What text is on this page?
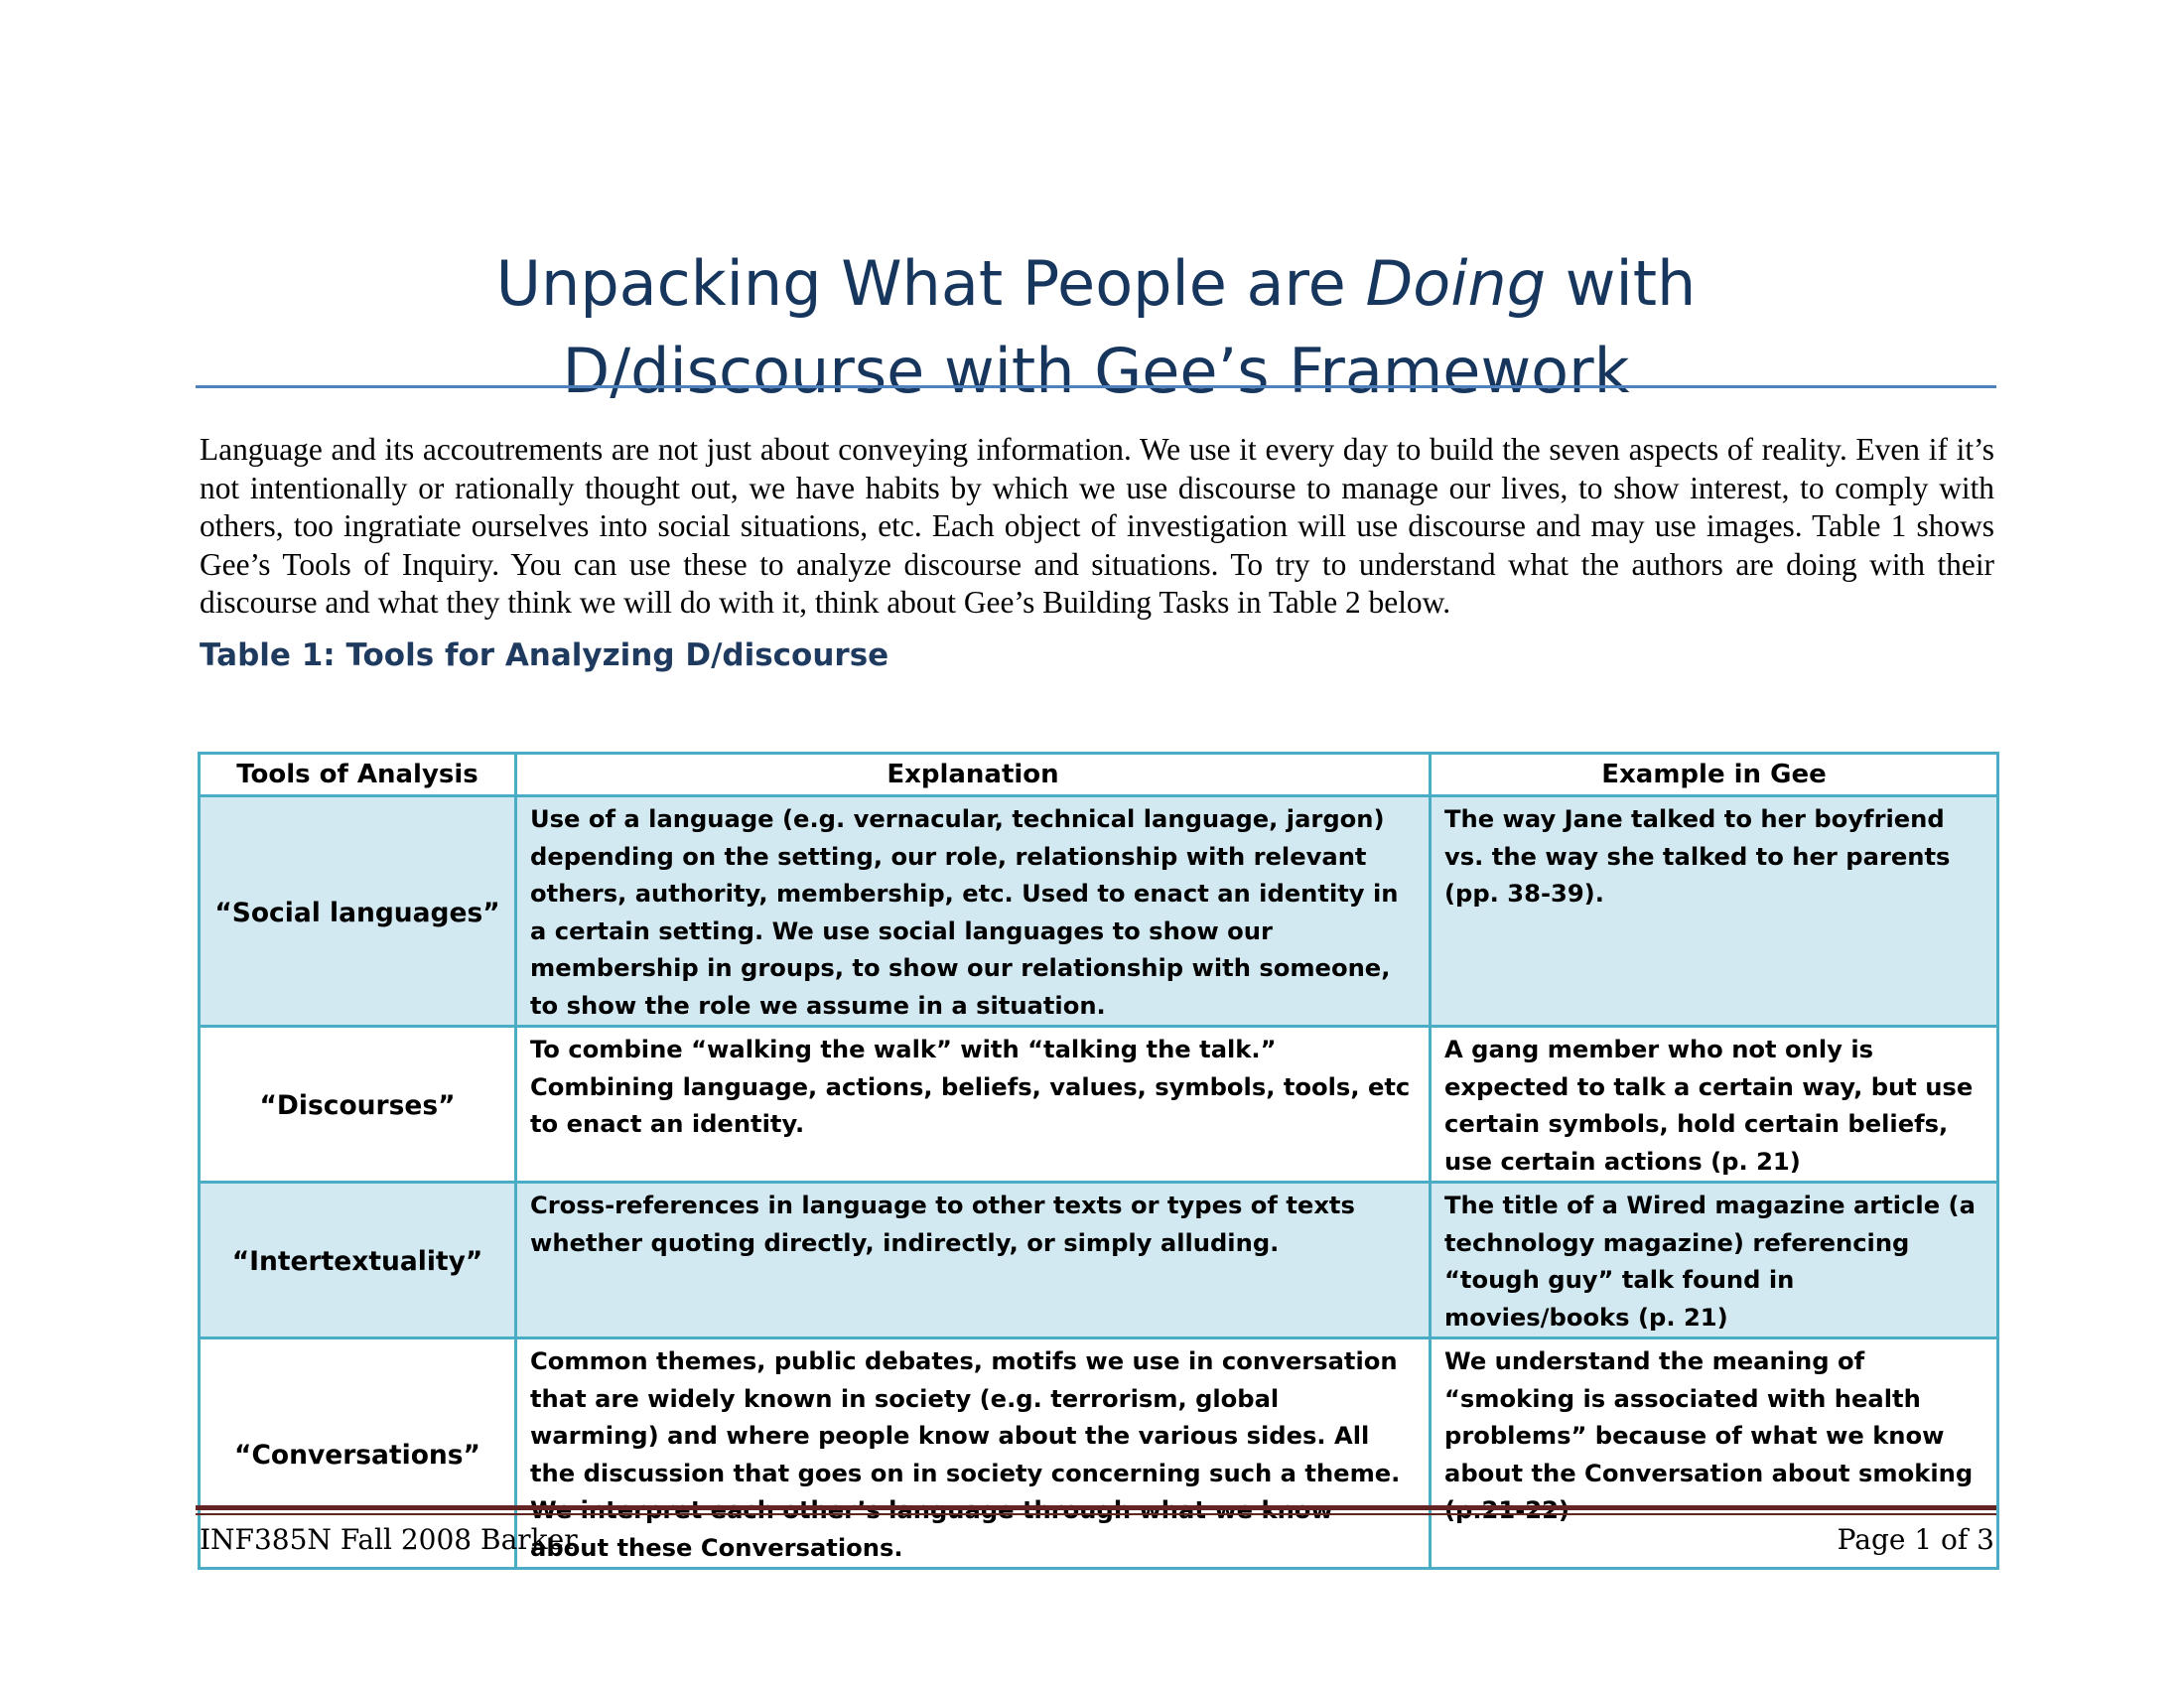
Unpacking What People are Doing with
D/discourse with Gee’s Framework

Language and its accoutrements are not just about conveying information. We use it every day to build the seven aspects of reality. Even if it’s not intentionally or rationally thought out, we have habits by which we use discourse to manage our lives, to show interest, to comply with others, too ingratiate ourselves into social situations, etc. Each object of investigation will use discourse and may use images. Table 1 shows Gee’s Tools of Inquiry. You can use these to analyze discourse and situations. To try to understand what the authors are doing with their discourse and what they think we will do with it, think about Gee’s Building Tasks in Table 2 below.

Table 1: Tools for Analyzing D/discourse
Tools of Analysis	Explanation	Example in Gee
“Social languages”	Use of a language (e.g. vernacular, technical language, jargon) depending on the setting, our role, relationship with relevant others, authority, membership, etc. Used to enact an identity in a certain setting. We use social languages to show our membership in groups, to show our relationship with someone, to show the role we assume in a situation.	The way Jane talked to her boyfriend vs. the way she talked to her parents (pp. 38-39).
“Discourses”	To combine “walking the walk” with “talking the talk.” Combining language, actions, beliefs, values, symbols, tools, etc to enact an identity.	A gang member who not only is expected to talk a certain way, but use certain symbols, hold certain beliefs, use certain actions (p. 21)
“Intertextuality”	Cross-references in language to other texts or types of texts whether quoting directly, indirectly, or simply alluding.	The title of a Wired magazine article (a technology magazine) referencing “tough guy” talk found in movies/books (p. 21)
“Conversations”	Common themes, public debates, motifs we use in conversation that are widely known in society (e.g. terrorism, global warming) and where people know about the various sides. All the discussion that goes on in society concerning such a theme. We interpret each other’s language through what we know about these Conversations.	We understand the meaning of “smoking is associated with health problems” because of what we know about the Conversation about smoking (p.21-22)
INF385N Fall 2008 Barker	Page 1 of 3
